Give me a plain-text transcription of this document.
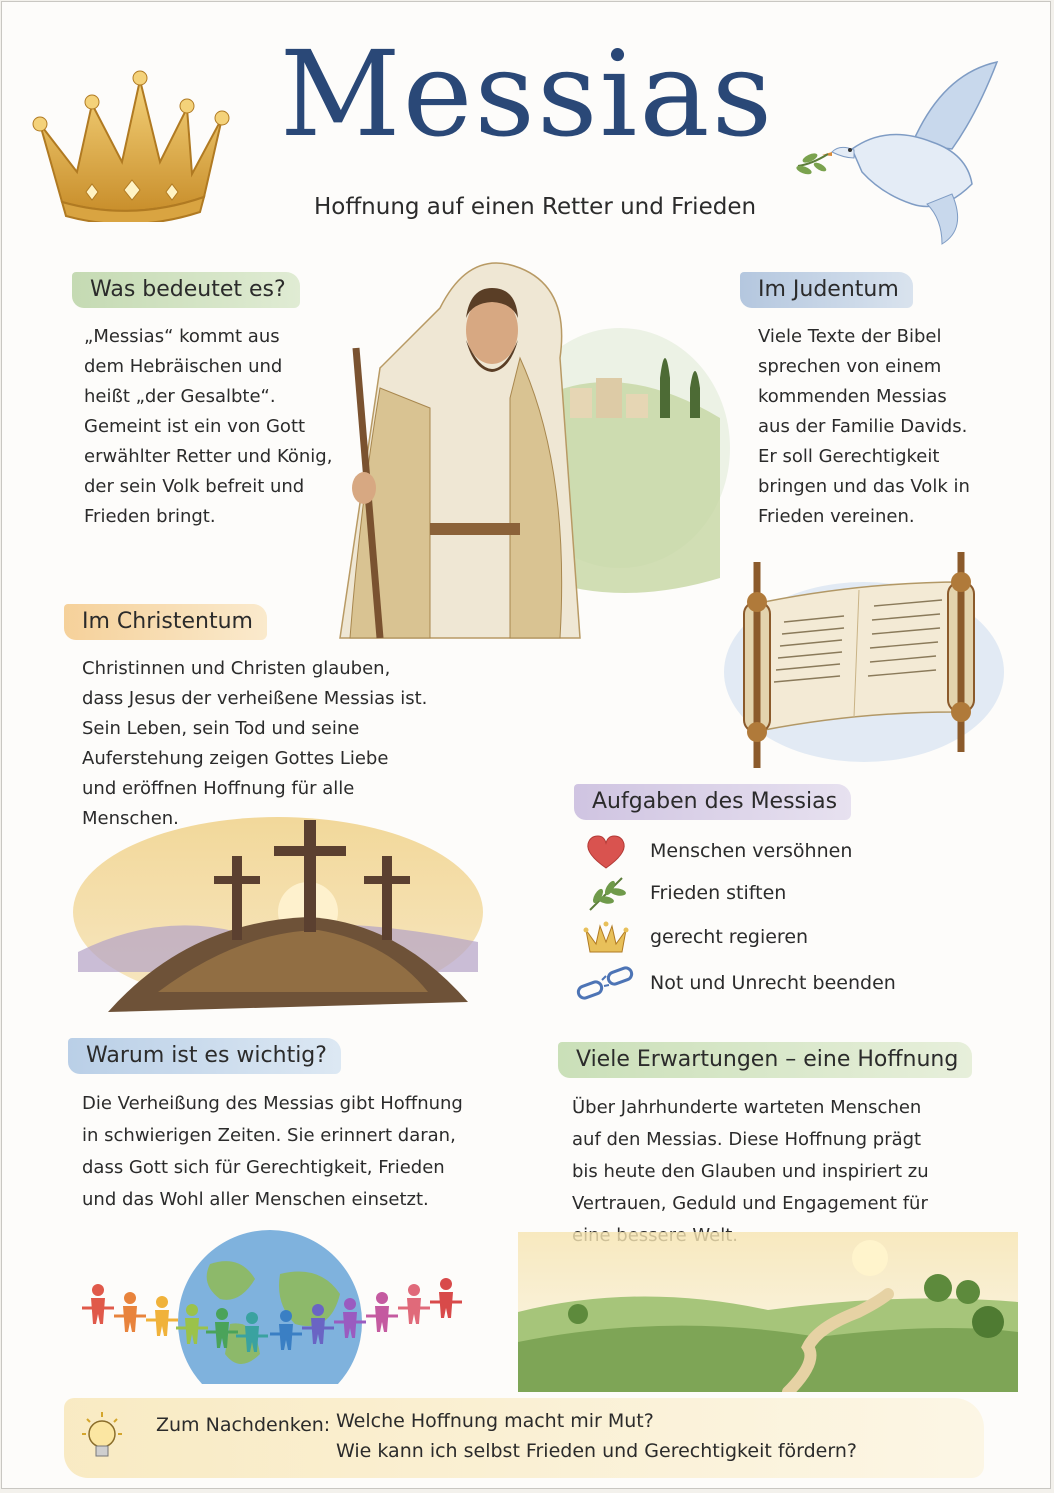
Messias
Hoffnung auf einen Retter und Frieden
Was bedeutet es?
„Messias“ kommt aus
dem Hebräischen und
heißt „der Gesalbte“.
Gemeint ist ein von Gott
erwählter Retter und König,
der sein Volk befreit und
Frieden bringt.
Im Judentum
Viele Texte der Bibel
sprechen von einem
kommenden Messias
aus der Familie Davids.
Er soll Gerechtigkeit
bringen und das Volk in
Frieden vereinen.
Im Christentum
Christinnen und Christen glauben,
dass Jesus der verheißene Messias ist.
Sein Leben, sein Tod und seine
Auferstehung zeigen Gottes Liebe
und eröffnen Hoffnung für alle
Menschen.
Aufgaben des Messias
Menschen versöhnen
Frieden stiften
gerecht regieren
Not und Unrecht beenden
Warum ist es wichtig?
Die Verheißung des Messias gibt Hoffnung
in schwierigen Zeiten. Sie erinnert daran,
dass Gott sich für Gerechtigkeit, Frieden
und das Wohl aller Menschen einsetzt.
Viele Erwartungen – eine Hoffnung
Über Jahrhunderte warteten Menschen
auf den Messias. Diese Hoffnung prägt
bis heute den Glauben und inspiriert zu
Vertrauen, Geduld und Engagement für

Zum Nachdenken: Welche Hoffnung macht mir Mut?
Wie kann ich selbst Frieden und Gerechtigkeit fördern?
